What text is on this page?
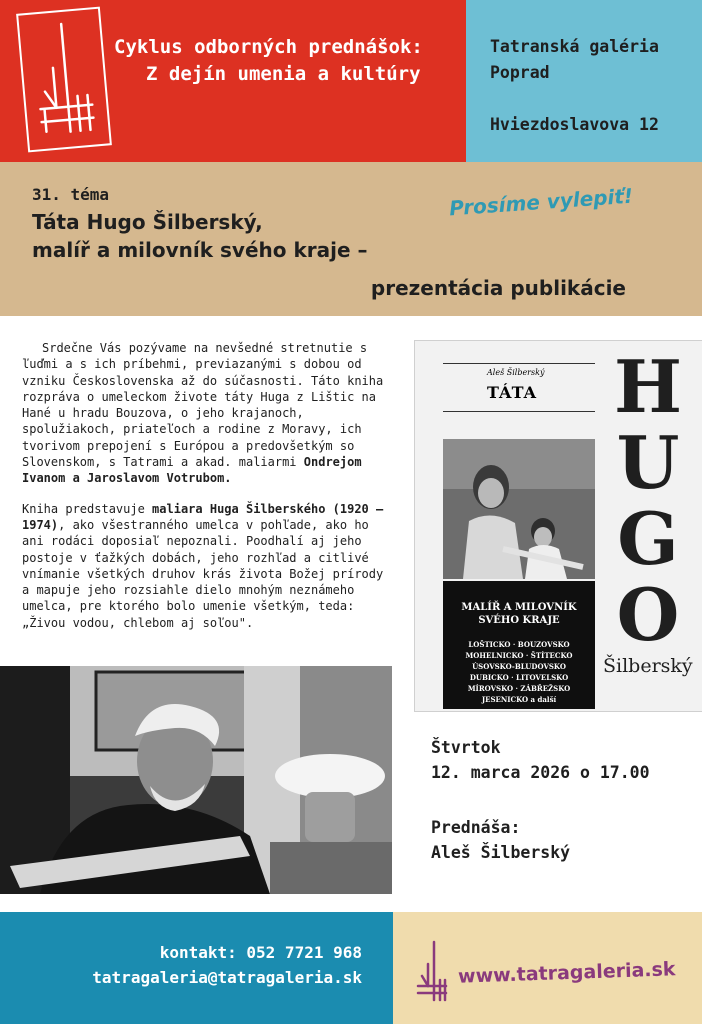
Cyklus odborných prednášok:
Z dejín umenia a kultúry
Tatranská galéria
Poprad
Hviezdoslavova 12
31. téma
Táta Hugo Šilberský,
malíř a milovník svého kraje –
prezentácia publikácie
Prosíme vylepiť!

Srdečne Vás pozývame na nevšedné stretnutie s ľuďmi a s ich príbehmi, previazanými s dobou od vzniku Československa až do súčasnosti. Táto kniha rozpráva o umeleckom živote táty Huga z Lištic na Hané u hradu Bouzova, o jeho krajanoch, spolužiakoch, priateľoch a rodine z Moravy, ich tvorivom prepojení s Európou a predovšetkým so Slovenskom, s Tatrami a akad. maliarmi Ondrejom Ivanom a Jaroslavom Votrubom.

Kniha predstavuje maliara Huga Šilberského (1920 – 1974), ako všestranného umelca v pohľade, ako ho ani rodáci doposiaľ nepoznali. Poodhalí aj jeho postoje v ťažkých dobách, jeho rozhľad a citlivé vnímanie všetkých druhov krás života Božej prírody a mapuje jeho rozsiahle dielo mnohým neznámeho umelca, pre ktorého bolo umenie všetkým, teda: „Živou vodou, chlebom aj soľou".

Aleš Šilberský
TÁTA H
U
G
O
Šilberský
MALÍŘ A MILOVNÍK
SVÉHO KRAJE
LOŠTICKO · BOUZOVSKO
MOHELNICKO · ŠTÍTECKO
ÚSOVSKO-BLUDOVSKO
DUBICKO · LITOVELSKO
MÍROVSKO · ZÁBŘEŽSKO
JESENICKO a další
Štvrtok
12. marca 2026 o 17.00
Prednáša:
Aleš Šilberský
kontakt: 052 7721 968
tatragaleria@tatragaleria.sk	www.tatragaleria.sk
